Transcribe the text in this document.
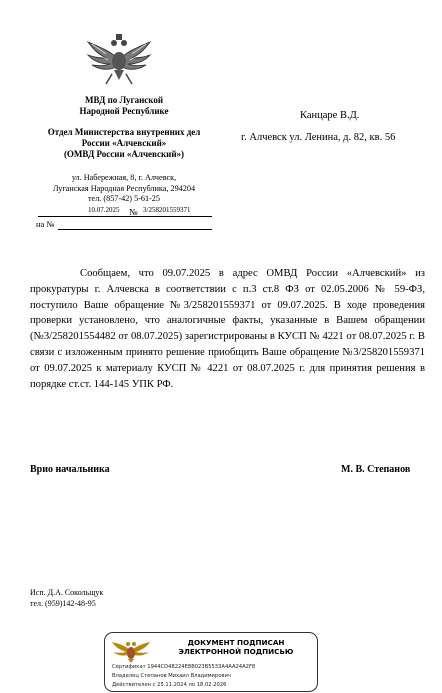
МВД по Луганской
Народной Республике
Отдел Министерства внутренних дел
России «Алчевский»
(ОМВД России «Алчевский»)
ул. Набережная, 8, г. Алчевск,
Луганская Народная Республика, 294204
тел. (857-42) 5-61-25
10.07.2025 № 3/258201559371
на №
Канцаре В.Д.
г. Алчевск ул. Ленина, д. 82, кв. 56
Сообщаем, что 09.07.2025 в адрес ОМВД России «Алчевский» из прокуратуры г. Алчевска в соответствии с п.3 ст.8 ФЗ от 02.05.2006 № 59-ФЗ, поступило Ваше обращение №3/258201559371 от 09.07.2025. В ходе проведения проверки установлено, что аналогичные факты, указанные в Вашем обращении (№3/258201554482 от 08.07.2025) зарегистрированы в КУСП № 4221 от 08.07.2025 г. В связи с изложенным принято решение приобщить Ваше обращение №3/258201559371 от 09.07.2025 к материалу КУСП № 4221 от 08.07.2025 г. для принятия решения в порядке ст.ст. 144-145 УПК РФ.
Врио начальника	М. В. Степанов
Исп. Д.А. Сокольщук
тел. (959)142-48-95
ДОКУМЕНТ ПОДПИСАН
ЭЛЕКТРОННОЙ ПОДПИСЬЮ
Сертификат 1944CD48224E8B023B5533A4AA24A2F8
Владелец Степанов Михаил Владимирович
Действителен с 25.11.2024 по 18.02.2026
